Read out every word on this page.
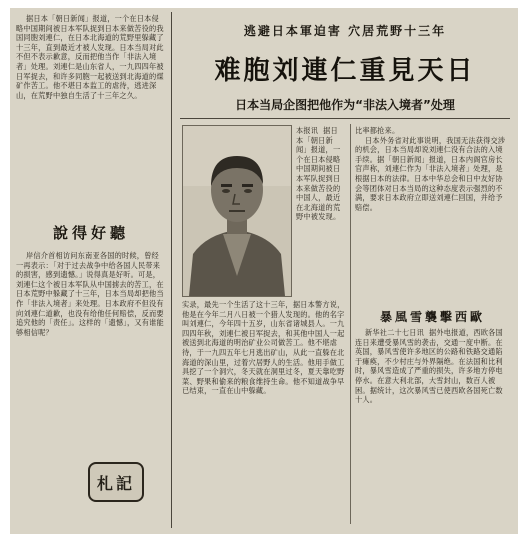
据日本「朝日新闻」报道，一个在日本侵略中国期间被日本军队捉到日本来做苦役的我国同胞刘連仁，在日本北海道的荒野里躲藏了十三年，直到最近才被人发现。日本当局对此不但不表示歉意，反而把他当作「非法入境者」处理。刘連仁是山东省人，一九四四年被日军捉去，和许多同胞一起被送到北海道的煤矿作苦工。他不堪日本监工的虐待，逃进深山，在荒野中独自生活了十三年之久。

說得好聽

岸信介首相访问东南亚各国的时候，曾经一再表示：「对于过去战争中给各国人民带来的损害，感到遗憾。」说得真是好听。可是，刘連仁这个被日本军队从中国掳去的苦工，在日本荒野中躲藏了十三年，日本当局却把他当作「非法入境者」来处理。日本政府不但没有向刘連仁道歉，也没有给他任何赔偿，反而要追究他的「责任」。这样的「遗憾」，又有谁能够相信呢？

札記
逃避日本軍迫害 穴居荒野十三年
难胞刘連仁重見天日
日本当局企图把他作为“非法入境者”处理

本报讯  据日本「朝日新闻」报道，一个在日本侵略中国期间被日本军队捉到日本来做苦役的中国人，最近在北海道的荒野中被发现。

实录，最先一个生活了这十三年，据日本警方说，他是在今年二月八日被一个猎人发现的。他的名字叫刘連仁，今年四十五岁，山东省诸城县人。一九四四年秋，刘連仁被日军捉去，和其他中国人一起被送到北海道的明治矿业公司做苦工。他不堪虐待，于一九四五年七月逃出矿山，从此一直躲在北海道的深山里，过着穴居野人的生活。他用手做工具挖了一个洞穴，冬天就在洞里过冬，夏天靠吃野菜、野果和偷来的粮食维持生命。他不知道战争早已结束，一直在山中躲藏。

比率都抢来。
日本外务省对此事说明，我国无法获得交涉的机会，日本当局却说刘連仁没有合法的入境手续。据「朝日新闻」报道，日本内阁官房长官声称，刘連仁作为「非法入境者」处理，是根据日本的法律。日本中华总会和日中友好协会等团体对日本当局的这种态度表示强烈的不满，要求日本政府立即送刘連仁回国，并给予赔偿。

暴風雪襲擊西歐

新华社二十七日讯  据外电报道，西欧各国连日来遭受暴风雪的袭击，交通一度中断。在英国，暴风雪使许多地区的公路和铁路交通陷于瘫痪，不少村庄与外界隔绝。在法国和比利时，暴风雪造成了严重的损失，许多地方停电停水。在意大利北部，大雪封山，数百人被困。据统计，这次暴风雪已使西欧各国死亡数十人。
